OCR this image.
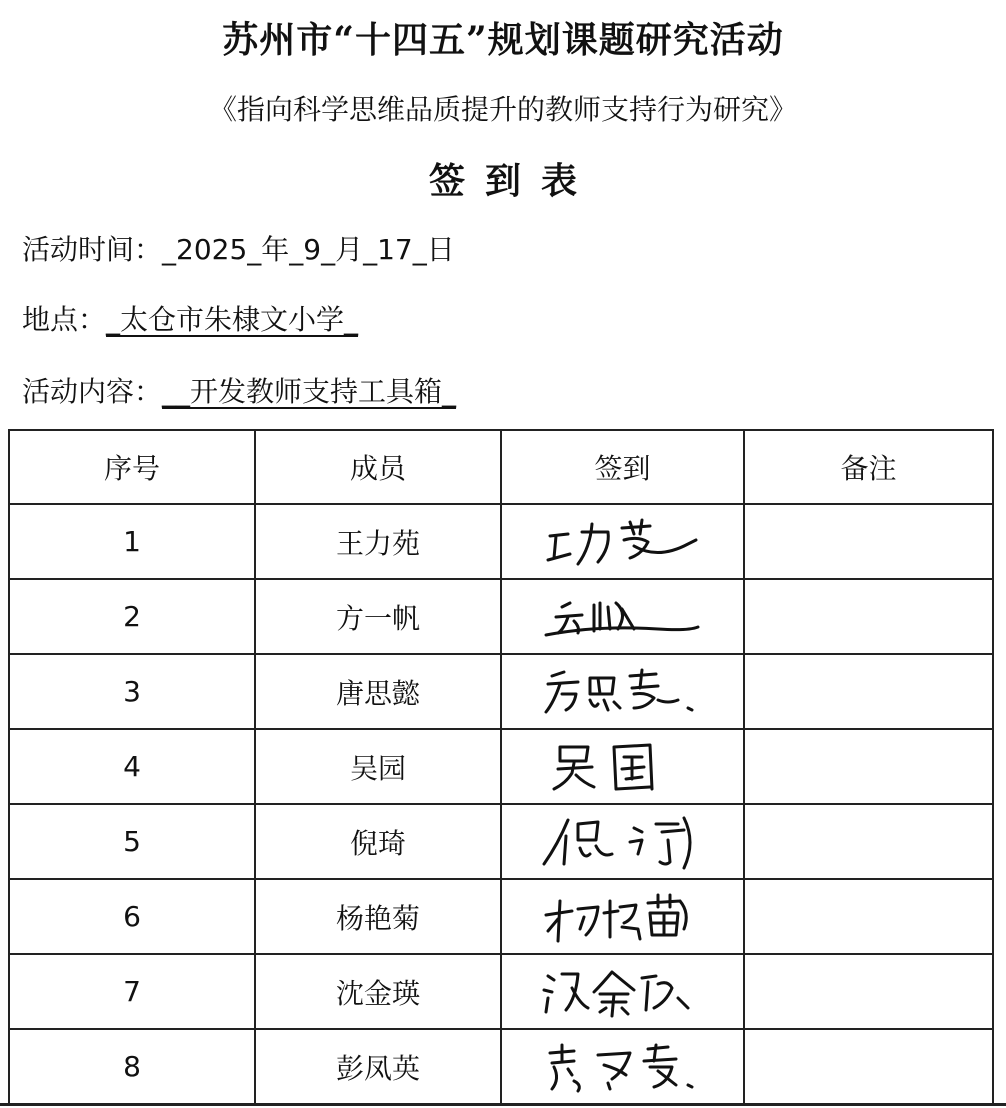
苏州市“十四五”规划课题研究活动
《指向科学思维品质提升的教师支持行为研究》
签到表
活动时间：_2025_年_9_月_17_日
地点：_太仓市朱棣文小学_
活动内容：__开发教师支持工具箱_
序号	成员	签到	备注
1	王力苑	

2	方一帆	

3	唐思懿	

4	吴园	

5	倪琦	

6	杨艳菊	

7	沈金瑛	

8	彭凤英	
